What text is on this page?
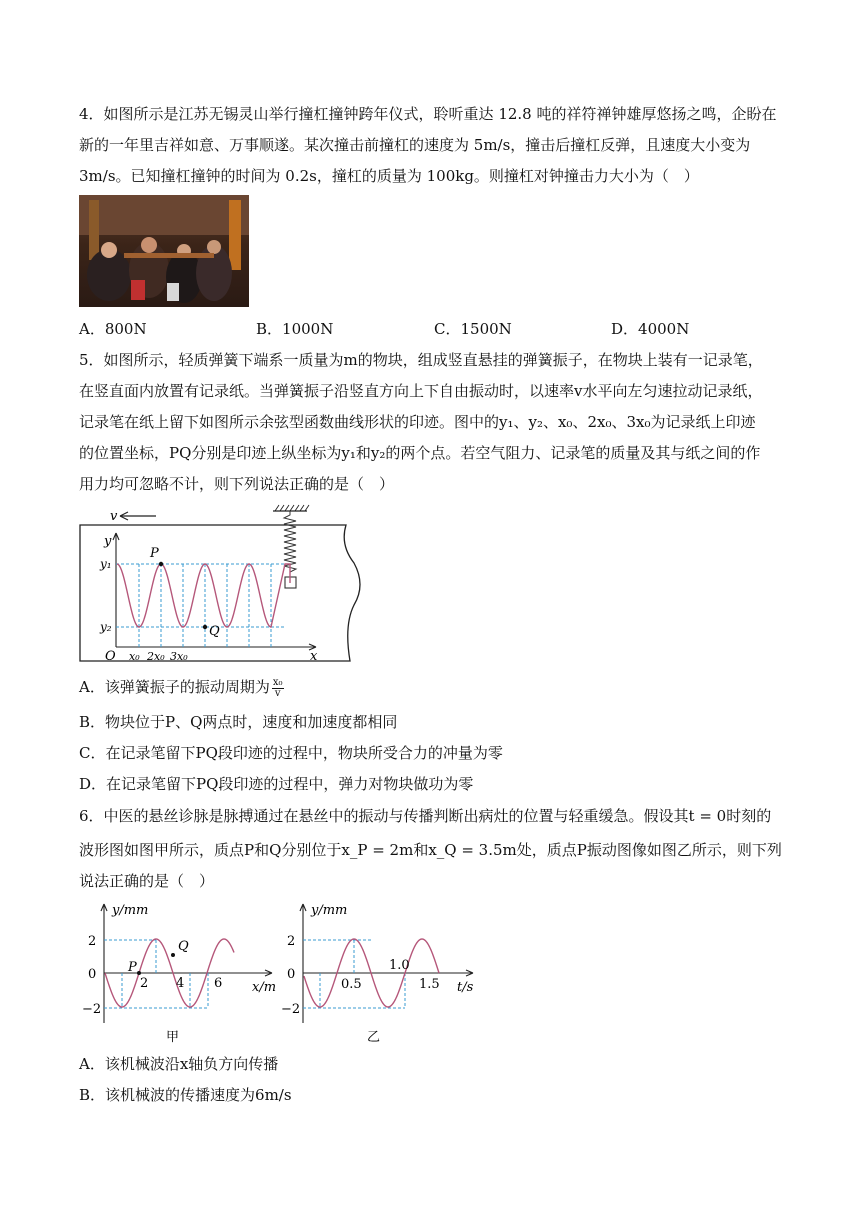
4．如图所示是江苏无锡灵山举行撞杠撞钟跨年仪式，聆听重达 12.8 吨的祥符禅钟雄厚悠扬之鸣，企盼在
新的一年里吉祥如意、万事顺遂。某次撞击前撞杠的速度为 5m/s，撞击后撞杠反弹，且速度大小变为
3m/s。已知撞杠撞钟的时间为 0.2s，撞杠的质量为 100kg。则撞杠对钟撞击力大小为（　）
A．800N	B．1000N	C．1500N	D．4000N
5．如图所示，轻质弹簧下端系一质量为m的物块，组成竖直悬挂的弹簧振子，在物块上装有一记录笔，
在竖直面内放置有记录纸。当弹簧振子沿竖直方向上下自由振动时，以速率v水平向左匀速拉动记录纸，
记录笔在纸上留下如图所示余弦型函数曲线形状的印迹。图中的y₁、y₂、x₀、2x₀、3x₀为记录纸上印迹
的位置坐标，PQ分别是印迹上纵坐标为y₁和y₂的两个点。若空气阻力、记录笔的质量及其与纸之间的作
用力均可忽略不计，则下列说法正确的是（　）
v
y
y₁
y₂
O	x
P
Q
x₀ 2x₀ 3x₀
A．该弹簧振子的振动周期为 $\frac{\text{x₀}}{v}$
B．物块位于P、Q两点时，速度和加速度都相同
C．在记录笔留下PQ段印迹的过程中，物块所受合力的冲量为零
D．在记录笔留下PQ段印迹的过程中，弹力对物块做功为零
6．中医的悬丝诊脉是脉搏通过在悬丝中的振动与传播判断出病灶的位置与轻重缓急。假设其t = 0时刻的
波形图如图甲所示，质点P和Q分别位于x_P = 2m和x_Q = 3.5m处，质点P振动图像如图乙所示，则下列
说法正确的是（　）
y/mm
2
0
−2
P
Q
2 4 6 x/m
甲
y/mm
2
0
−2
0.5
1.0
1.5 t/s
乙
A．该机械波沿x轴负方向传播
B．该机械波的传播速度为6m/s
